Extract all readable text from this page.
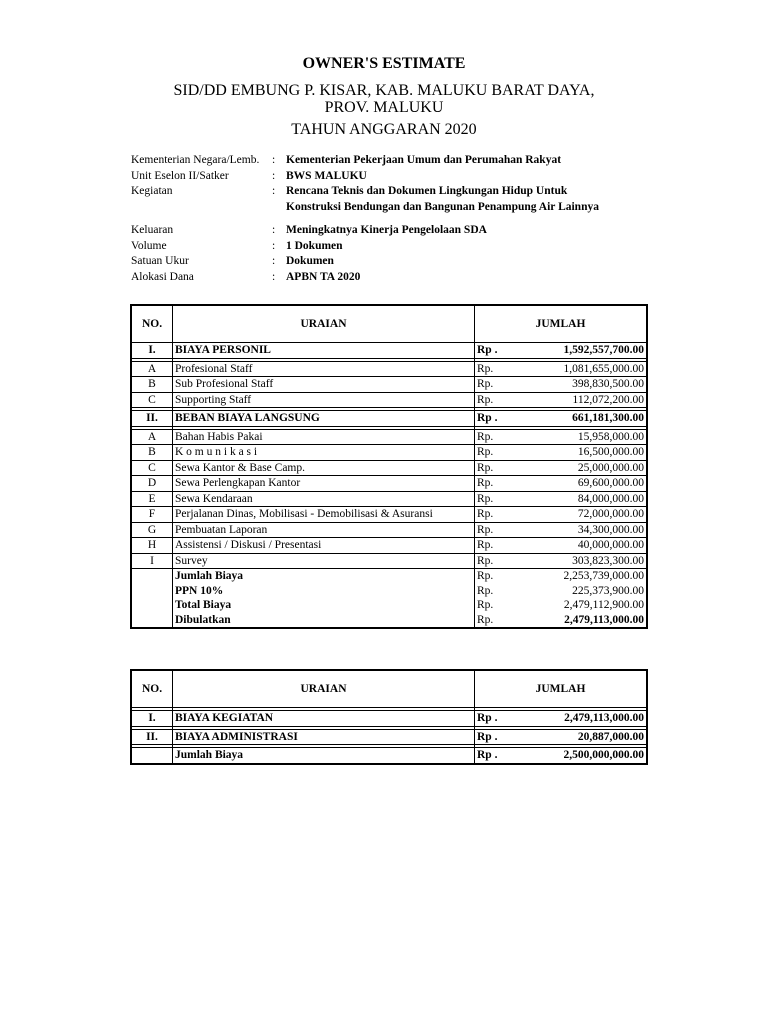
OWNER'S ESTIMATE
SID/DD EMBUNG P. KISAR, KAB. MALUKU BARAT DAYA,
PROV. MALUKU
TAHUN ANGGARAN 2020
Kementerian Negara/Lemb. : Kementerian Pekerjaan Umum dan Perumahan Rakyat
Unit Eselon II/Satker	: BWS MALUKU
Kegiatan	: Rencana Teknis dan Dokumen Lingkungan Hidup Untuk
Konstruksi Bendungan dan Bangunan Penampung Air Lainnya
Keluaran	: Meningkatnya Kinerja Pengelolaan SDA
Volume	: 1 Dokumen
Satuan Ukur	: Dokumen
Alokasi Dana	: APBN TA 2020
NO.	URAIAN	JUMLAH	
I.	BIAYA PERSONIL	Rp .	1,592,557,700.00

A	Profesional Staff	Rp.	1,081,655,000.00
B	Sub Profesional Staff	Rp.	398,830,500.00
C	Supporting Staff	Rp.	112,072,200.00

II.	BEBAN BIAYA LANGSUNG	Rp .	661,181,300.00

A	Bahan Habis Pakai	Rp.	15,958,000.00
B	K o m u n i k a s i	Rp.	16,500,000.00
C	Sewa Kantor & Base Camp.	Rp.	25,000,000.00
D	Sewa Perlengkapan Kantor	Rp.	69,600,000.00
E	Sewa Kendaraan	Rp.	84,000,000.00
F	Perjalanan Dinas, Mobilisasi - Demobilisasi & Asuransi	Rp.	72,000,000.00
G	Pembuatan Laporan	Rp.	34,300,000.00
H	Assistensi / Diskusi / Presentasi	Rp.	40,000,000.00
I	Survey	Rp.	303,823,300.00
	Jumlah Biaya	Rp.	2,253,739,000.00
	PPN 10%	Rp.	225,373,900.00
	Total Biaya	Rp.	2,479,112,900.00
	Dibulatkan	Rp.	2,479,113,000.00
NO.	URAIAN	JUMLAH	

I.	BIAYA KEGIATAN	Rp .	2,479,113,000.00

II.	BIAYA ADMINISTRASI	Rp .	20,887,000.00

	Jumlah Biaya	Rp .	2,500,000,000.00
